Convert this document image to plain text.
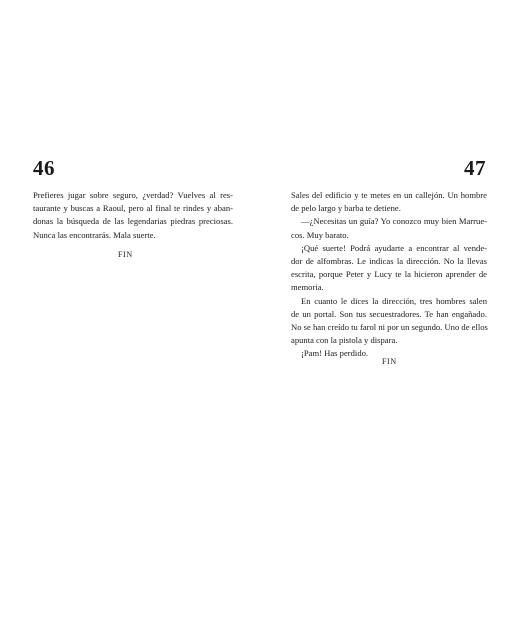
46

Prefieres jugar sobre seguro, ¿verdad? Vuelves al res-
taurante y buscas a Raoul, pero al final te rindes y aban-
donas la búsqueda de las legendarias piedras preciosas.
Nunca las encontrarás. Mala suerte.

FIN
47

Sales del edificio y te metes en un callejón. Un hombre
de pelo largo y barba te detiene.

—¿Necesitas un guía? Yo conozco muy bien Marrue-

cos. Muy barato.

¡Qué suerte! Podrá ayudarte a encontrar al vende-

dor de alfombras. Le indicas la dirección. No la llevas
escrita, porque Peter y Lucy te la hicieron aprender de
memoria.

En cuanto le dices la dirección, tres hombres salen

de un portal. Son tus secuestradores. Te han engañado.
No se han creído tu farol ni por un segundo. Uno de ellos
apunta con la pistola y dispara.

¡Pam! Has perdido.

FIN
